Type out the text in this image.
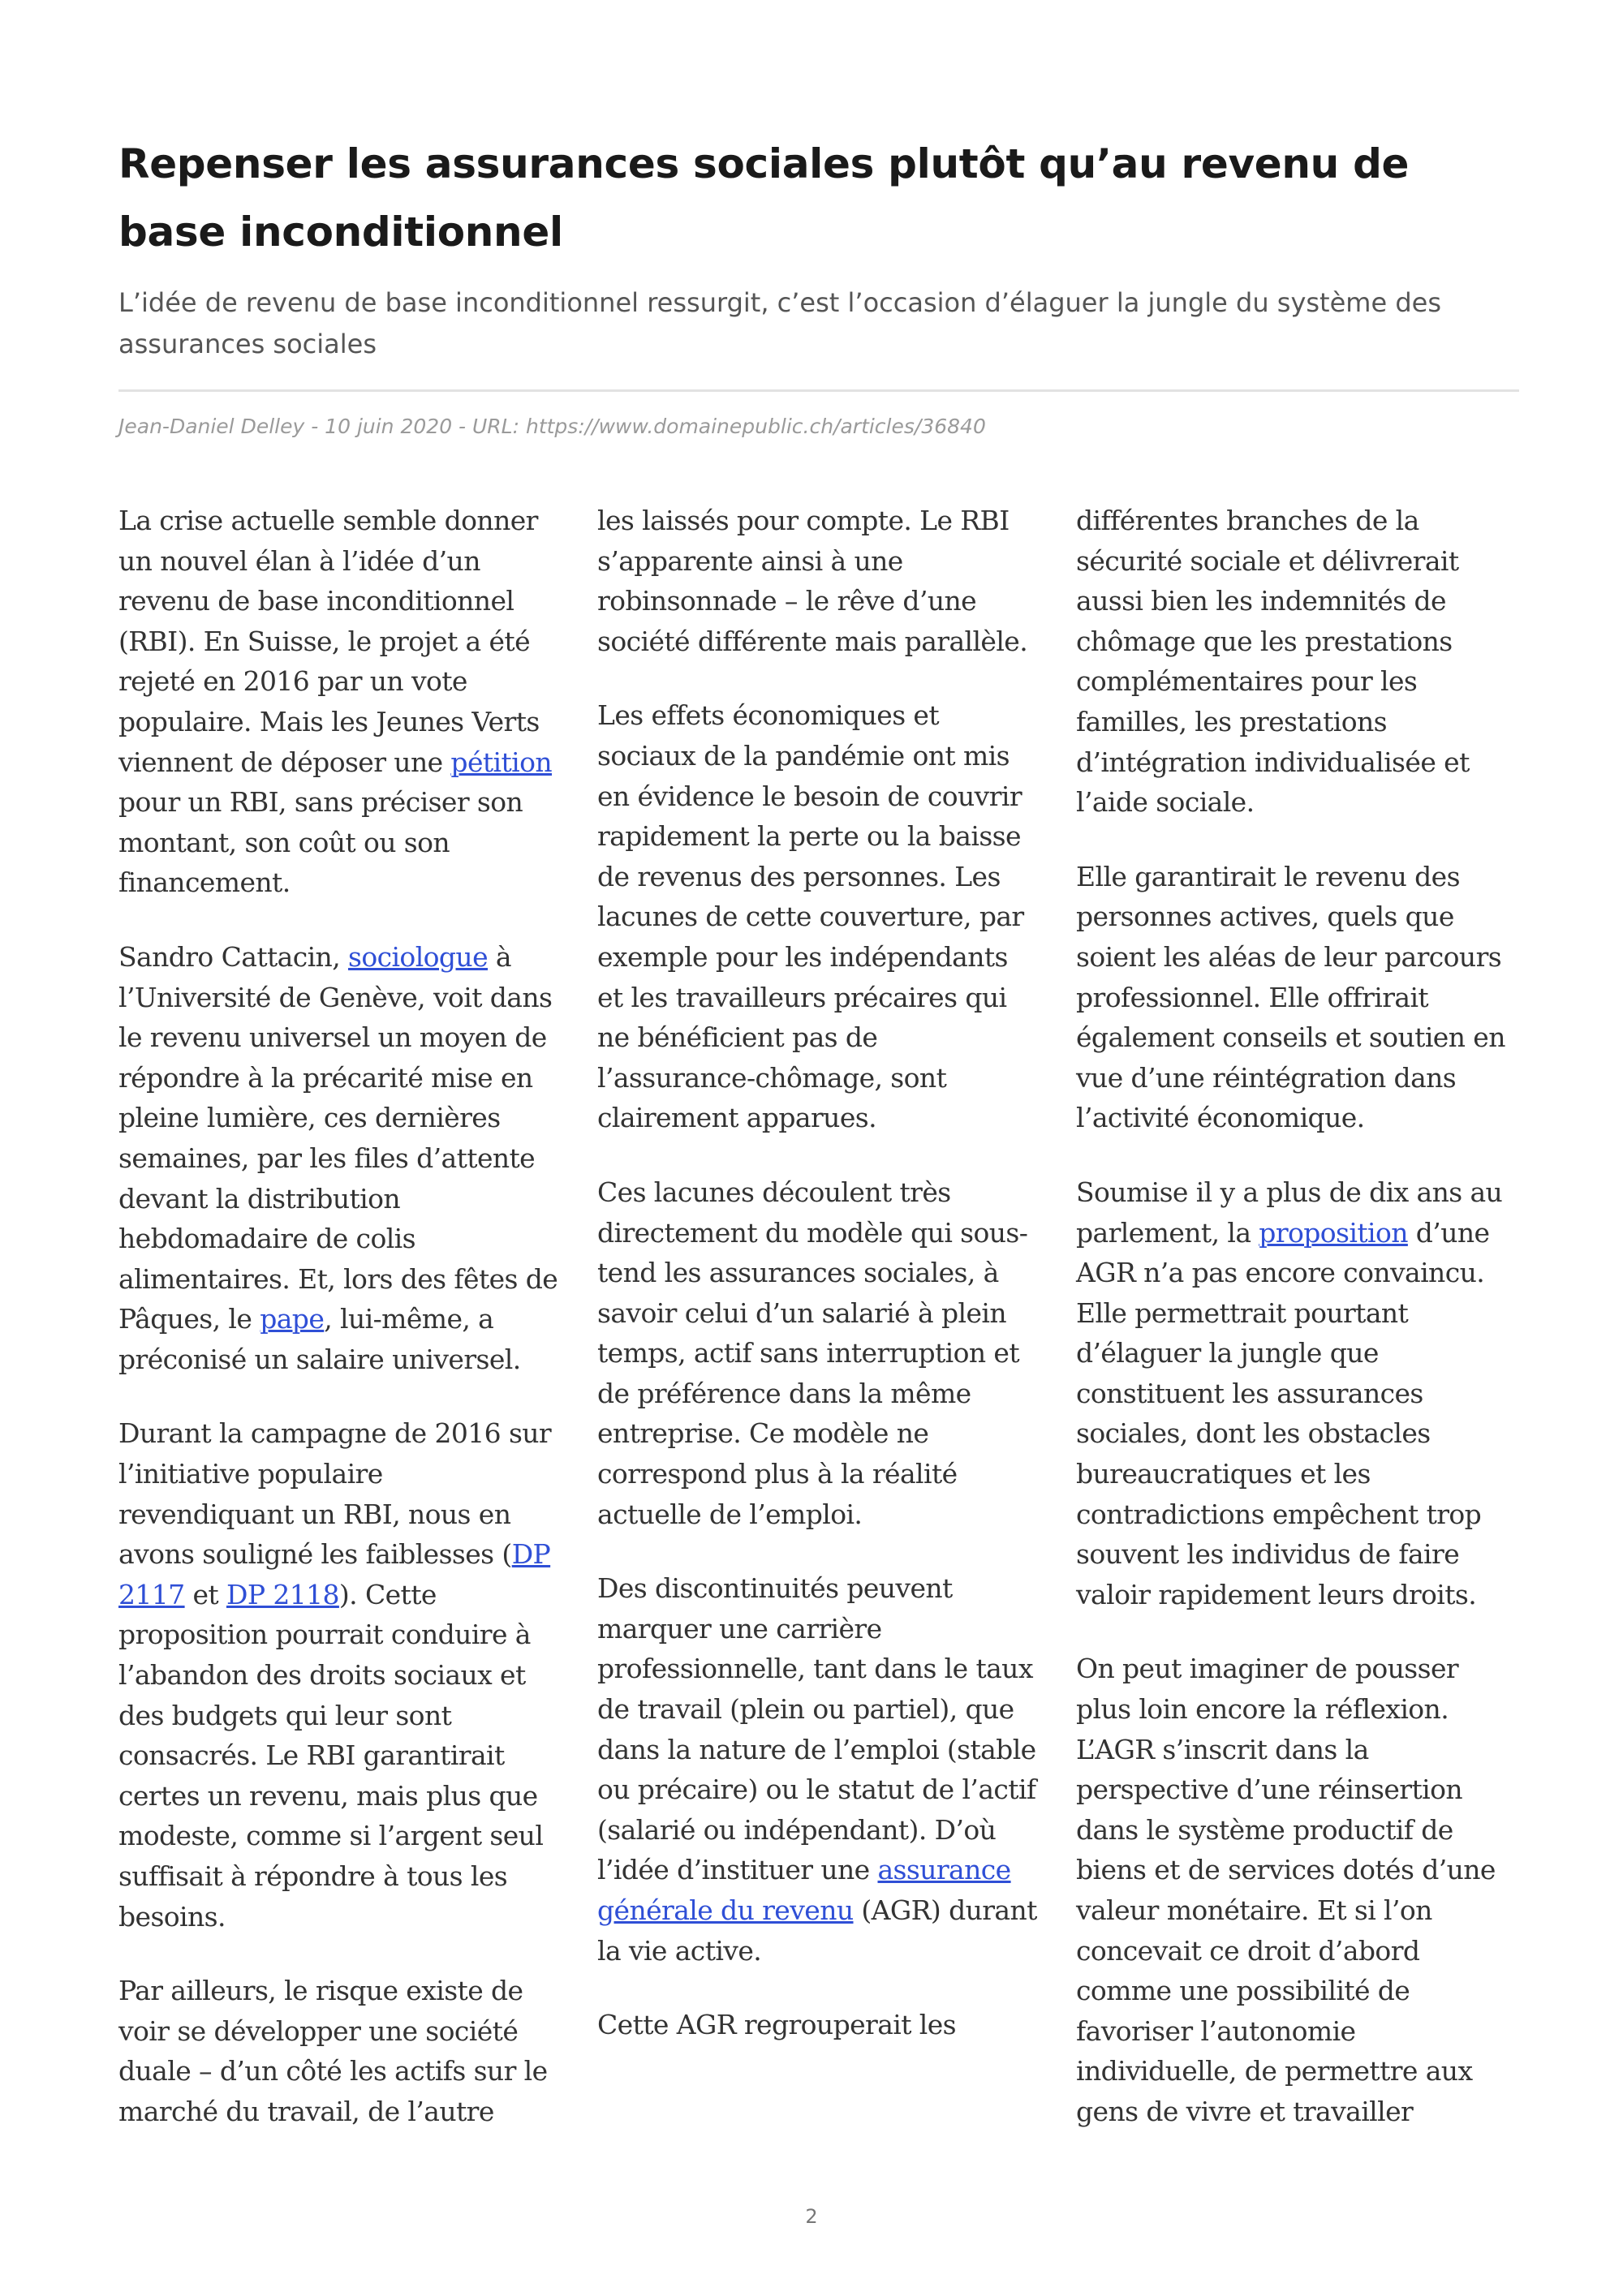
Repenser les assurances sociales plutôt qu’au revenu de base inconditionnel
L’idée de revenu de base inconditionnel ressurgit, c’est l’occasion d’élaguer la jungle du système des assurances sociales
Jean-Daniel Delley - 10 juin 2020 - URL: https://www.domainepublic.ch/articles/36840

La crise actuelle semble donner un nouvel élan à l’idée d’un revenu de base inconditionnel (RBI). En Suisse, le projet a été rejeté en 2016 par un vote populaire. Mais les Jeunes Verts viennent de déposer une pétition pour un RBI, sans préciser son montant, son coût ou son financement.

Sandro Cattacin, sociologue à l’Université de Genève, voit dans le revenu universel un moyen de répondre à la précarité mise en pleine lumière, ces dernières semaines, par les files d’attente devant la distribution hebdomadaire de colis alimentaires. Et, lors des fêtes de Pâques, le pape, lui-même, a préconisé un salaire universel.

Durant la campagne de 2016 sur l’initiative populaire revendiquant un RBI, nous en avons souligné les faiblesses (DP 2117 et DP 2118). Cette proposition pourrait conduire à l’abandon des droits sociaux et des budgets qui leur sont consacrés. Le RBI garantirait certes un revenu, mais plus que modeste, comme si l’argent seul suffisait à répondre à tous les besoins.

Par ailleurs, le risque existe de voir se développer une société duale – d’un côté les actifs sur le marché du travail, de l’autre

les laissés pour compte. Le RBI s’apparente ainsi à une robinsonnade – le rêve d’une société différente mais parallèle.

Les effets économiques et sociaux de la pandémie ont mis en évidence le besoin de couvrir rapidement la perte ou la baisse de revenus des personnes. Les lacunes de cette couverture, par exemple pour les indépendants et les travailleurs précaires qui ne bénéficient pas de l’assurance-chômage, sont clairement apparues.

Ces lacunes découlent très directement du modèle qui sous-tend les assurances sociales, à savoir celui d’un salarié à plein temps, actif sans interruption et de préférence dans la même entreprise. Ce modèle ne correspond plus à la réalité actuelle de l’emploi.

Des discontinuités peuvent marquer une carrière professionnelle, tant dans le taux de travail (plein ou partiel), que dans la nature de l’emploi (stable ou précaire) ou le statut de l’actif (salarié ou indépendant). D’où l’idée d’instituer une assurance générale du revenu (AGR) durant la vie active.

Cette AGR regrouperait les

différentes branches de la sécurité sociale et délivrerait aussi bien les indemnités de chômage que les prestations complémentaires pour les familles, les prestations d’intégration individualisée et l’aide sociale.

Elle garantirait le revenu des personnes actives, quels que soient les aléas de leur parcours professionnel. Elle offrirait également conseils et soutien en vue d’une réintégration dans l’activité économique.

Soumise il y a plus de dix ans au parlement, la proposition d’une AGR n’a pas encore convaincu. Elle permettrait pourtant d’élaguer la jungle que constituent les assurances sociales, dont les obstacles bureaucratiques et les contradictions empêchent trop souvent les individus de faire valoir rapidement leurs droits.

On peut imaginer de pousser plus loin encore la réflexion. L’AGR s’inscrit dans la perspective d’une réinsertion dans le système productif de biens et de services dotés d’une valeur monétaire. Et si l’on concevait ce droit d’abord comme une possibilité de favoriser l’autonomie individuelle, de permettre aux gens de vivre et travailler

2
